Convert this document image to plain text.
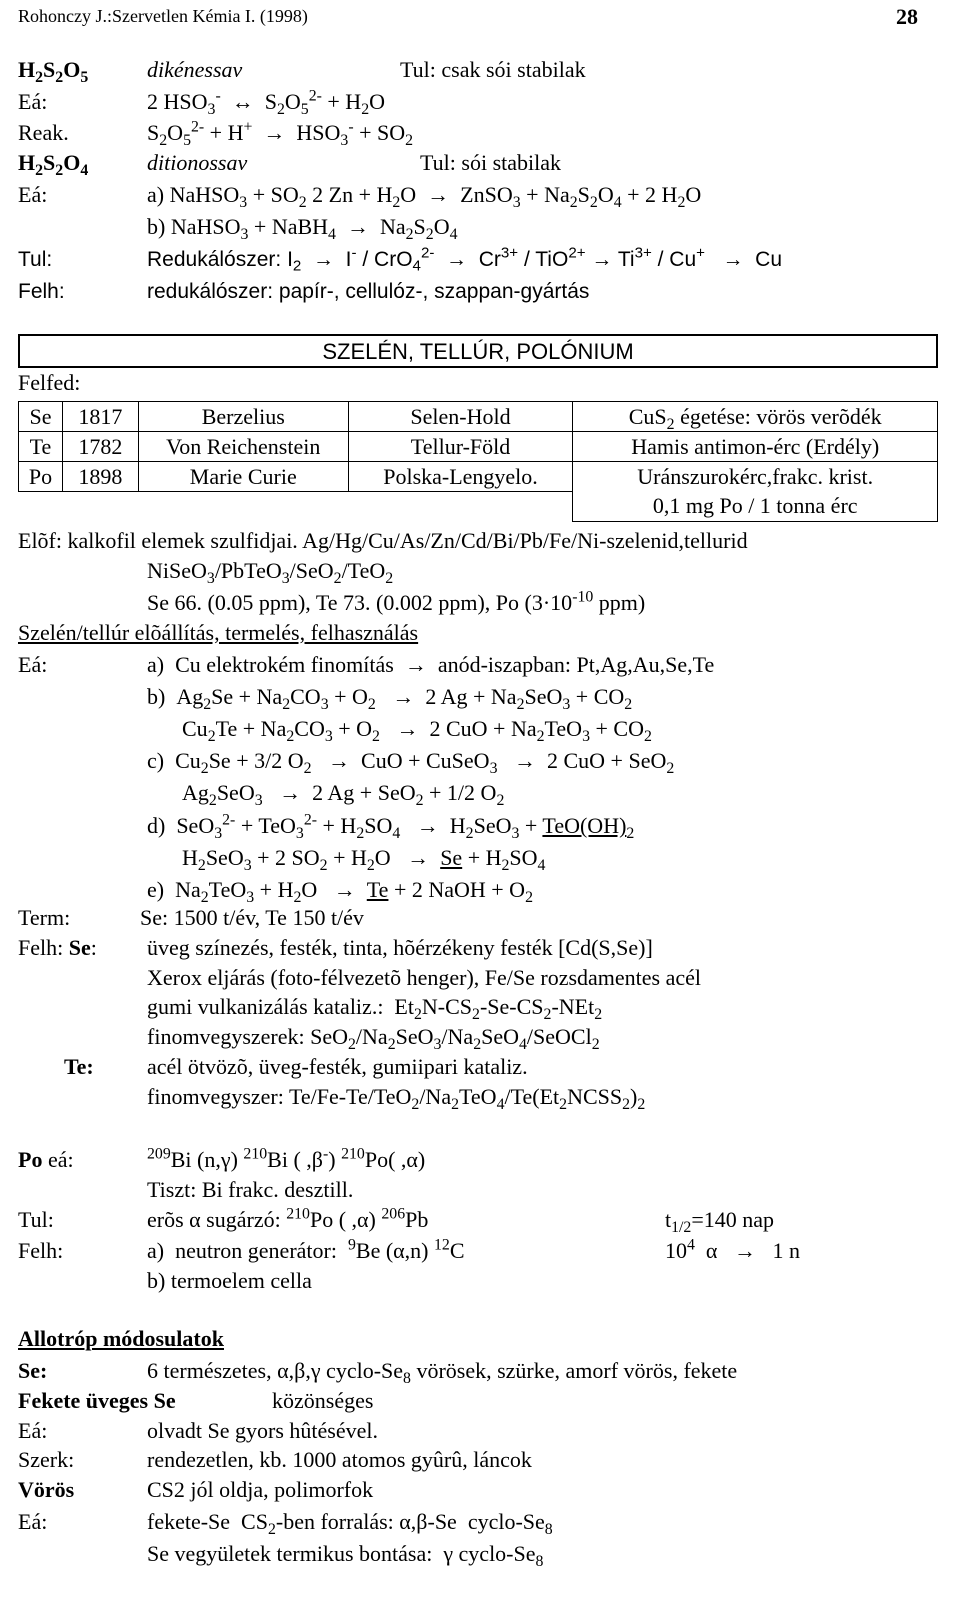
Rohonczy J.:Szervetlen Kémia I. (1998)	28
$H_2S_2O_5$	dikénessav	Tul: csak sói stabilak
Eá:	2 $HSO_3^-$  ↔  $S_2O_5^{2-} + H_2O$
Reak.	$S_2O_5^{2-} + H^+ \to HSO_3^- + SO_2$
$H_2S_2O_4$	ditionossav	Tul: sói stabilak
Eá:	a) NaHSO$_3$ + $SO_2$ 2 $Zn + H_2O$  →  ZnSO$_3$ + $Na_2S_2O_4 + 2$ $H_2O$
b) NaHSO$_3$ + NaBH$_4$  →  $Na_2S_2O_4$
Tul:	Redukálószer: $I_2 \to I^- / CrO_4^{2-} \to Cr^{3+} / TiO^{2+} \to Ti^{3+} / Cu^+ \to Cu$
Felh:	redukálószer: papír-, cellulóz-, szappan-gyártás
SZELÉN, TELLÚR, POLÓNIUM
Felfed:
Se	1817	Berzelius	Selen-Hold	CuS$_2$ égetése: vörös verõdék
Te	1782	Von Reichenstein	Tellur-Föld	Hamis antimon-érc (Erdély)
Po	1898	Marie Curie	Polska-Lengyelo.	Uránszurokérc,frakc. krist.
				0,1 mg Po / 1 tonna érc
Elõf: kalkofil elemek szulfidjai. Ag/Hg/Cu/As/Zn/Cd/Bi/Pb/Fe/Ni-szelenid,tellurid
NiSeO$_3$/PbTeO$_3$/SeO$_2$/TeO$_2$
Se 66. (0.05 ppm), Te 73. (0.002 ppm), Po ($3\cdot 10^{-10}$ ppm)
Szelén/tellúr elõállítás, termelés, felhasználás
Eá:	a)  Cu elektrokém finomítás  →  anód-iszapban: Pt,Ag,Au,Se,Te
b)  $Ag_2Se + Na_2CO_3 + O_2 \to 2$ $Ag + Na_2SeO_3 + CO_2$
$Cu_2Te + Na_2CO_3 + O_2 \to 2$ CuO + $Na_2TeO_3 + CO_2$
c)  $Cu_2Se + 3/2$ $O_2$   →  CuO + CuSeO$_3$   →  2 CuO + SeO$_2$
$Ag_2SeO_3 \to 2$ Ag + SeO$_2$ + 1/2 $O_2$
d)  $SeO_3^{2-} + TeO_3^{2-} + H_2SO_4 \to H_2SeO_3 + TeO(OH)_2$
$H_2SeO_3 + 2$ $SO_2 + H_2O \to Se + H_2SO_4$
e)  $Na_2TeO_3 + H_2O \to Te + 2$ NaOH + $O_2$
Term:	Se: 1500 t/év, Te 150 t/év
Felh: Se: üveg színezés, festék, tinta, hõérzékeny festék [Cd(S,Se)]
Xerox eljárás (foto-félvezetõ henger), Fe/Se rozsdamentes acél
gumi vulkanizálás kataliz.:  $Et_2N-CS_2-Se-CS_2-NEt_2$
finomvegyszerek: $SeO_2/Na_2SeO_3/Na_2SeO_4/SeOCl_2$
Te: acél ötvözõ, üveg-festék, gumiipari kataliz.
finomvegyszer: $Te/Fe-Te/TeO_2/Na_2TeO_4/Te(Et_2NCSS_2)_2$
Po eá:	$^{209}$Bi (n,γ) $^{210}$Bi ( ,β-) $^{210}$Po( ,α)
Tiszt: Bi frakc. desztill.
Tul:	erõs α sugárzó: $^{210}$Po ( ,α) $^{206}$Pb	$t_{1/2}=140$ nap
Felh:	a)  neutron generátor:  $^9$Be (α,n) $^{12}$C	$10^4$  α   →   1 n
b) termoelem cella
Allotróp módosulatok
Se:	6 természetes, α,β,γ cyclo-$Se_8$ vörösek, szürke, amorf vörös, fekete
Fekete üveges Se	közönséges
Eá:	olvadt Se gyors hûtésével.
Szerk:	rendezetlen, kb. 1000 atomos gyûrû, láncok
Vörös	CS2 jól oldja, polimorfok
Eá:	fekete-Se  $CS_2$-ben forralás: α,β-Se  cyclo-$Se_8$
Se vegyületek termikus bontása:  γ cyclo-$Se_8$
